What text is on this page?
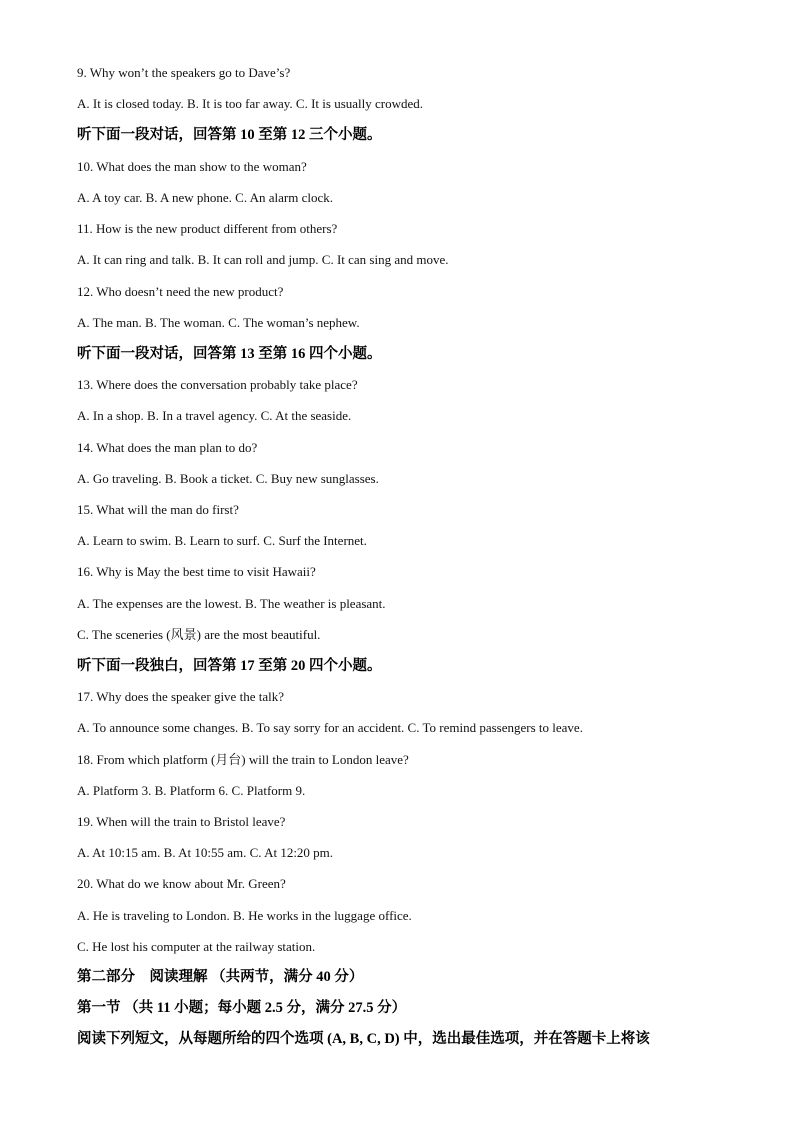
9. Why won’t the speakers go to Dave’s?
A. It is closed today. B. It is too far away. C. It is usually crowded.
听下面一段对话，回答第 10 至第 12 三个小题。
10. What does the man show to the woman?
A. A toy car. B. A new phone. C. An alarm clock.
11. How is the new product different from others?
A. It can ring and talk. B. It can roll and jump. C. It can sing and move.
12. Who doesn’t need the new product?
A. The man. B. The woman. C. The woman’s nephew.
听下面一段对话，回答第 13 至第 16 四个小题。
13. Where does the conversation probably take place?
A. In a shop. B. In a travel agency. C. At the seaside.
14. What does the man plan to do?
A. Go traveling. B. Book a ticket. C. Buy new sunglasses.
15. What will the man do first?
A. Learn to swim. B. Learn to surf. C. Surf the Internet.
16. Why is May the best time to visit Hawaii?
A. The expenses are the lowest. B. The weather is pleasant.
C. The sceneries (风景) are the most beautiful.
听下面一段独白，回答第 17 至第 20 四个小题。
17. Why does the speaker give the talk?
A. To announce some changes. B. To say sorry for an accident. C. To remind passengers to leave.
18. From which platform (月台) will the train to London leave?
A. Platform 3. B. Platform 6. C. Platform 9.
19. When will the train to Bristol leave?
A. At 10:15 am. B. At 10:55 am. C. At 12:20 pm.
20. What do we know about Mr. Green?
A. He is traveling to London. B. He works in the luggage office.
C. He lost his computer at the railway station.
第二部分　阅读理解 （共两节，满分 40 分）
第一节 （共 11 小题；每小题 2.5 分，满分 27.5 分）
阅读下列短文，从每题所给的四个选项 (A, B, C, D) 中，选出最佳选项，并在答题卡上将该
